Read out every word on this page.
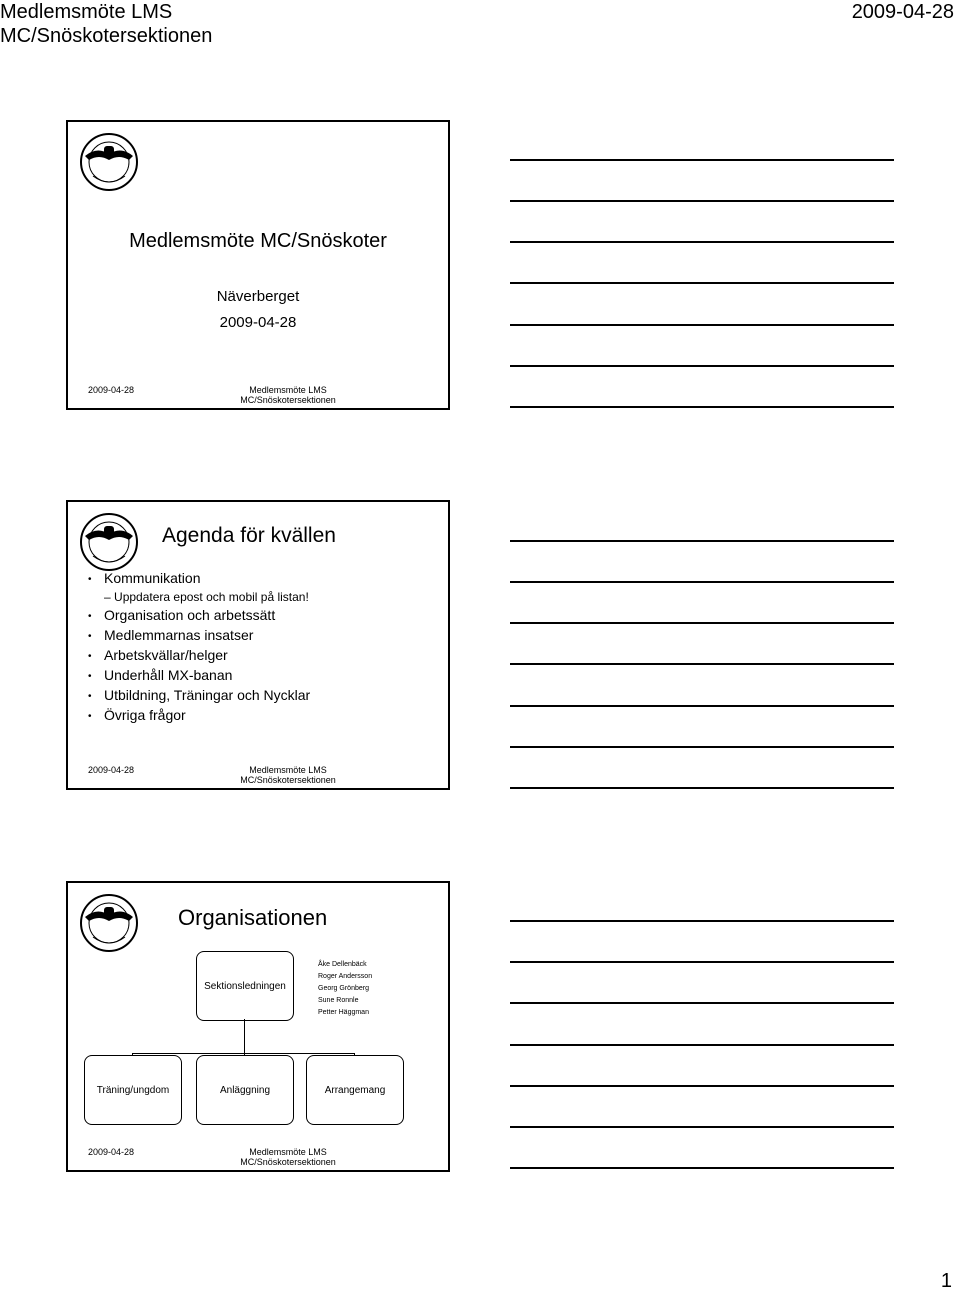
Medlemsmöte LMS
MC/Snöskotersektionen
2009-04-28
Medlemsmöte MC/Snöskoter
Näverberget
2009-04-28
2009-04-28	Medlemsmöte LMS
MC/Snöskotersektionen
Agenda för kvällen
• Kommunikation
– Uppdatera epost och mobil på listan!
• Organisation och arbetssätt
• Medlemmarnas insatser
• Arbetskvällar/helger
• Underhåll MX-banan
• Utbildning, Träningar och Nycklar
• Övriga frågor
2009-04-28	Medlemsmöte LMS
MC/Snöskotersektionen
Organisationen
Sektionsledningen
Åke Dellenbäck
Roger Andersson
Georg Grönberg
Sune Ronnle
Petter Häggman
Träning/ungdom	Anläggning	Arrangemang
2009-04-28	Medlemsmöte LMS
MC/Snöskotersektionen
1
